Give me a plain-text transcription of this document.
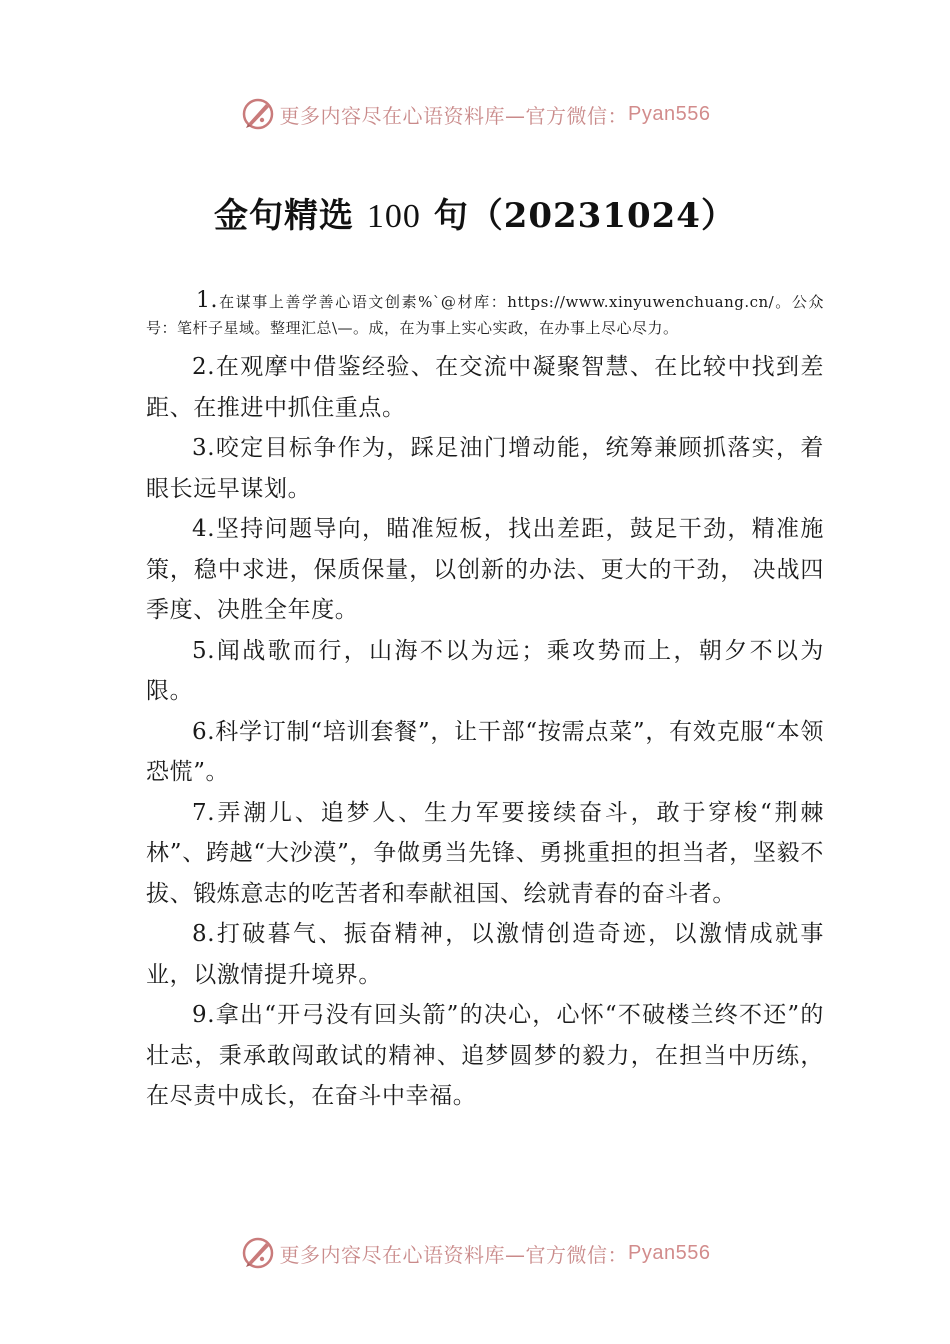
更多内容尽在心语资料库—官方微信： Pyan556
金句精选 100 句（20231024）

1.在谋事上善学善心语文创素%`@材库：https://www.xinyuwenchuang.cn/。公众号：笔杆子星域。整理汇总\—。成，在为事上实心实政，在办事上尽心尽力。

2.在观摩中借鉴经验、在交流中凝聚智慧、在比较中找到差距、在推进中抓住重点。

3.咬定目标争作为，踩足油门增动能，统筹兼顾抓落实，着眼长远早谋划。

4.坚持问题导向，瞄准短板，找出差距，鼓足干劲，精准施策，稳中求进，保质保量，以创新的办法、更大的干劲， 决战四季度、决胜全年度。

5.闻战歌而行，山海不以为远；乘攻势而上，朝夕不以为限。

6.科学订制“培训套餐”，让干部“按需点菜”，有效克服“本领恐慌”。

7.弄潮儿、追梦人、生力军要接续奋斗，敢于穿梭“荆棘林”、跨越“大沙漠”，争做勇当先锋、勇挑重担的担当者，坚毅不拔、锻炼意志的吃苦者和奉献祖国、绘就青春的奋斗者。

8.打破暮气、振奋精神，以激情创造奇迹，以激情成就事业，以激情提升境界。

9.拿出“开弓没有回头箭”的决心，心怀“不破楼兰终不还”的壮志，秉承敢闯敢试的精神、追梦圆梦的毅力，在担当中历练，在尽责中成长，在奋斗中幸福。

更多内容尽在心语资料库—官方微信： Pyan556
